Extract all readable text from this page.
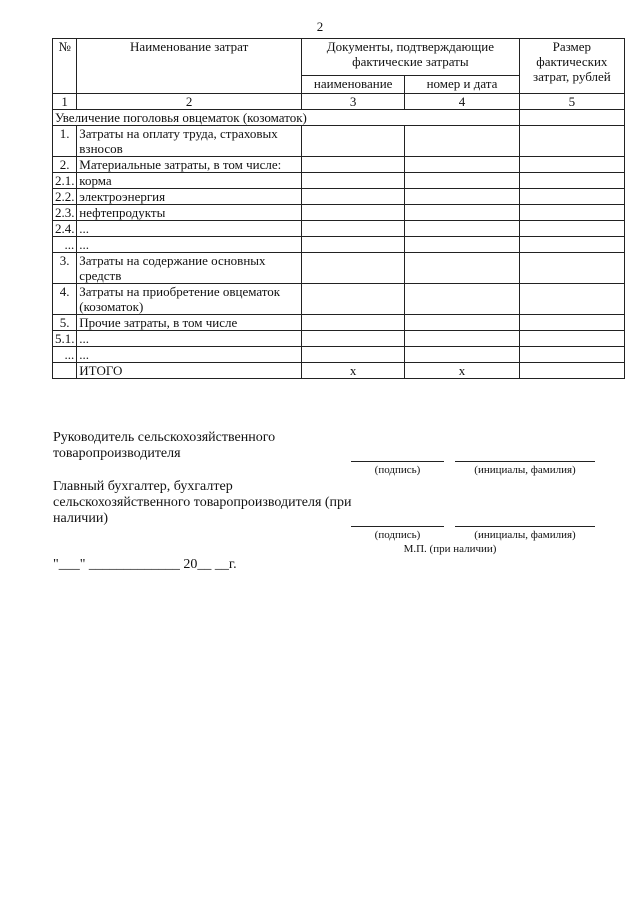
2
№	Наименование затрат	Документы, подтверждающие фактические затраты		Размер фактических затрат, рублей
		наименование	номер и дата	
1	2	3	4	5
Увеличение поголовья овцематок (козоматок)				
1.	Затраты на оплату труда, страховых взносов			
2.	Материальные затраты, в том числе:			
2.1.	корма			
2.2.	электроэнергия			
2.3.	нефтепродукты			
2.4.	...			
...	...			
3.	Затраты на содержание основных средств			
4.	Затраты на приобретение овцематок (козоматок)			
5.	Прочие затраты, в том числе			
5.1.	...			
...	...			
	ИТОГО	х	х	
Руководитель сельскохозяйственного товаропроизводителя
(подпись)	(инициалы, фамилия)
Главный бухгалтер, бухгалтер сельскохозяйственного товаропроизводителя (при наличии)
(подпись)	(инициалы, фамилия)
М.П. (при наличии)
"___" _____________ 20__ __г.
